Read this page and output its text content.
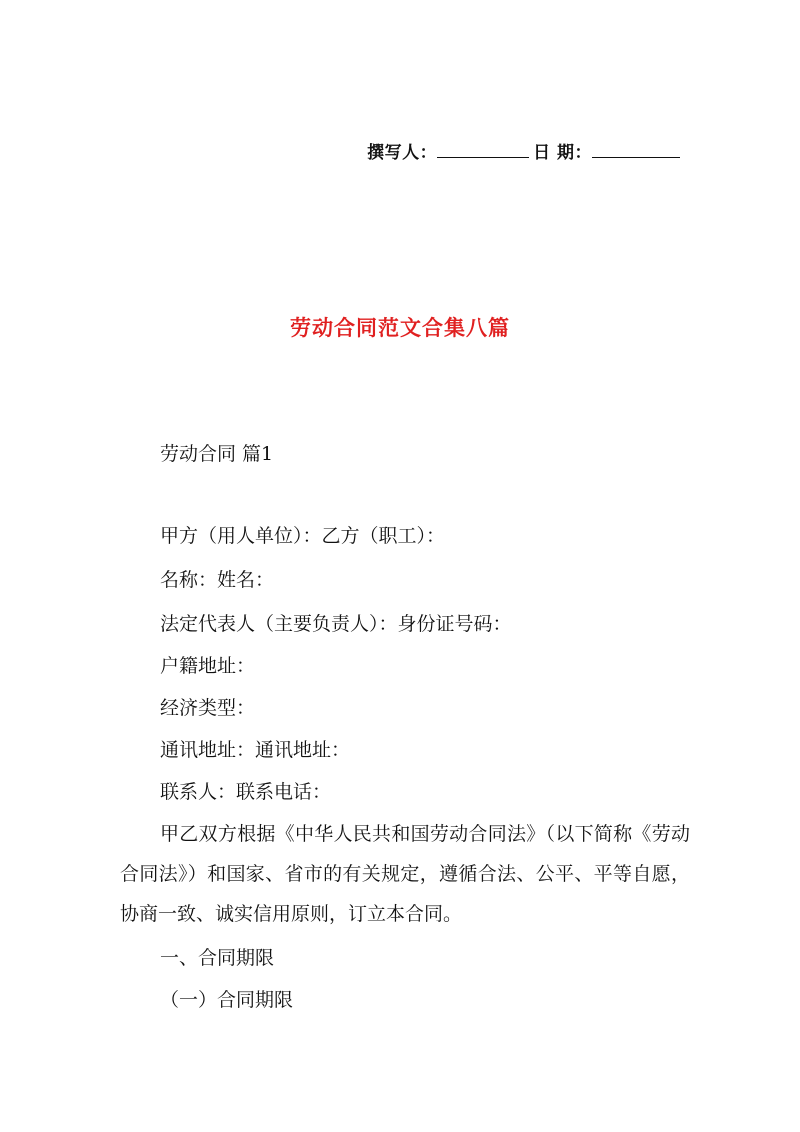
撰写人：	日 期：
劳动合同范文合集八篇
劳动合同 篇1
甲方（用人单位）：乙方（职工）：
名称：姓名：
法定代表人（主要负责人）：身份证号码：
户籍地址：
经济类型：
通讯地址：通讯地址：
联系人：联系电话：
甲乙双方根据《中华人民共和国劳动合同法》（以下简称《劳动合同法》）和国家、省市的有关规定，遵循合法、公平、平等自愿，协商一致、诚实信用原则，订立本合同。
一、合同期限
（一）合同期限
